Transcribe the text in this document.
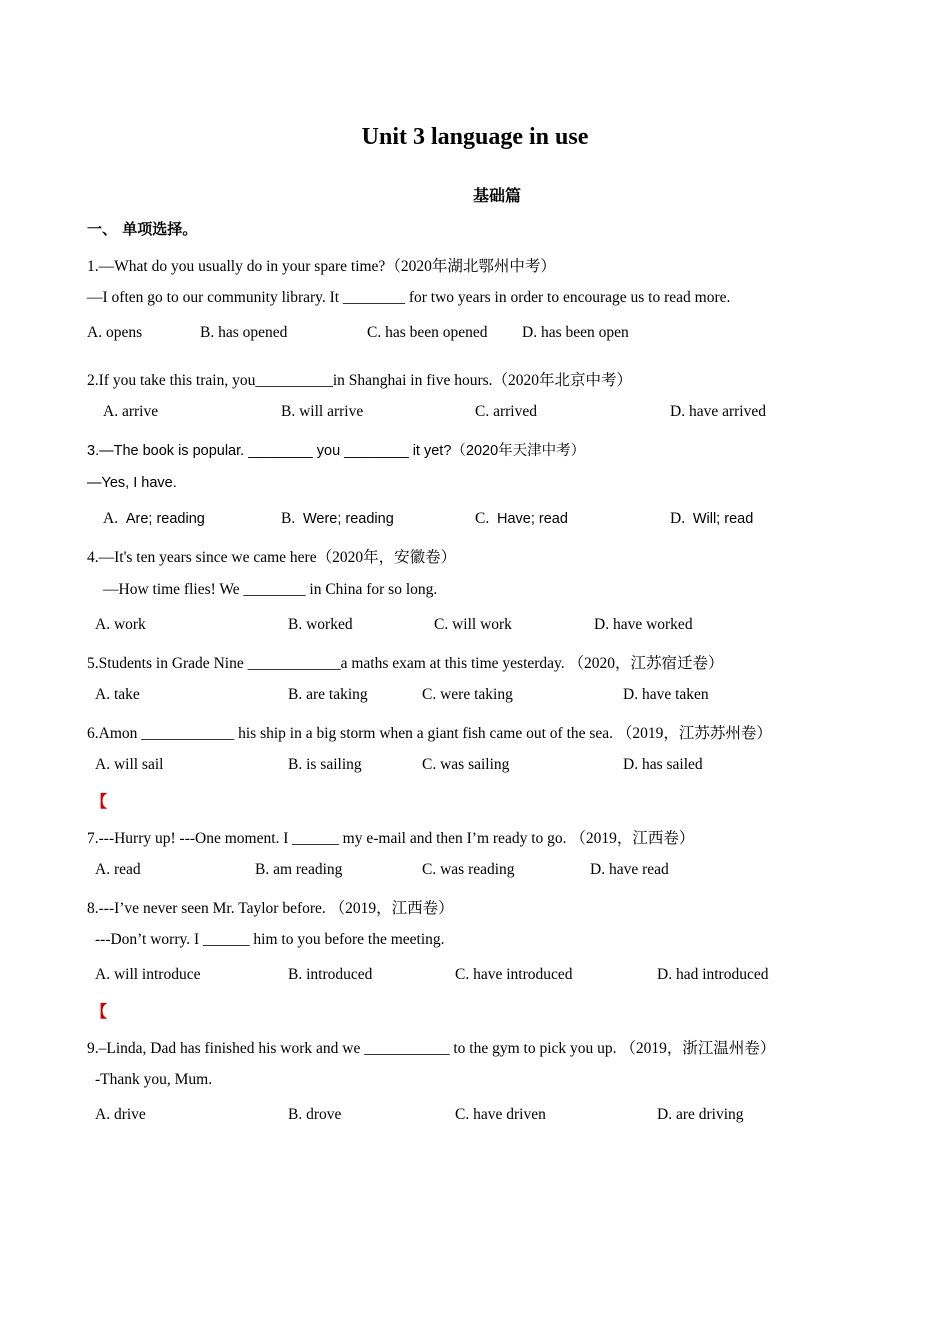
Unit 3 language in use
基础篇
一、 单项选择。
1.—What do you usually do in your spare time?（2020年湖北鄂州中考）
—I often go to our community library. It ________ for two years in order to encourage us to read more.
A. opens	B. has opened	C. has been opened D. has been open
2.If you take this train, you__________in Shanghai in five hours.（2020年北京中考）
A. arrive	B. will arrive	C. arrived	D. have arrived
3.—The book is popular. ________ you ________ it yet?（2020年天津中考）
—Yes, I have.
A. Are; reading	B. Were; reading	C. Have; read	D. Will; read
4.—It's ten years since we came here（2020年，安徽卷）
—How time flies! We ________ in China for so long.
A. work	B. worked	C. will work	D. have worked
5.Students in Grade Nine ____________a maths exam at this time yesterday. （2020，江苏宿迁卷）
A. take	B. are taking	C. were taking	D. have taken
6.Amon ____________ his ship in a big storm when a giant fish came out of the sea. （2019，江苏苏州卷）
A. will sail	B. is sailing	C. was sailing	D. has sailed
【
7.---Hurry up! ---One moment. I ______ my e-mail and then I’m ready to go. （2019，江西卷）
A. read	B. am reading	C. was reading	D. have read
8.---I’ve never seen Mr. Taylor before. （2019，江西卷）
---Don’t worry. I ______ him to you before the meeting.
A. will introduce	B. introduced	C. have introduced	D. had introduced
【
9.–Linda, Dad has finished his work and we ___________ to the gym to pick you up. （2019，浙江温州卷）
-Thank you, Mum.
A. drive	B. drove	C. have driven	D. are driving
